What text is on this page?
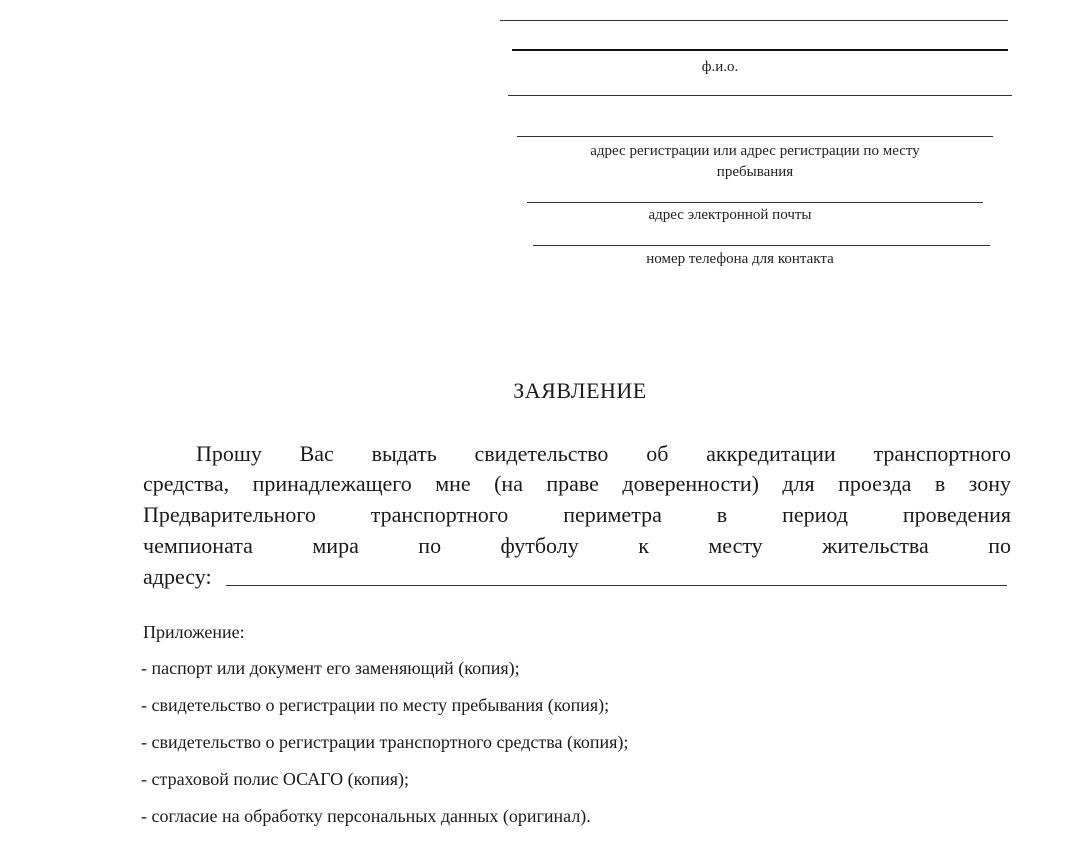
ф.и.о.
адрес регистрации или адрес регистрации по месту
пребывания
адрес электронной почты
номер телефона для контакта
ЗАЯВЛЕНИЕ
Прошу Вас выдать свидетельство об аккредитации транспортного
средства, принадлежащего мне (на праве доверенности) для проезда в зону
Предварительного транспортного периметра в период проведения
чемпионата мира по футболу к месту жительства по
адресу:
Приложение:
- паспорт или документ его заменяющий (копия);
- свидетельство о регистрации по месту пребывания (копия);
- свидетельство о регистрации транспортного средства (копия);
- страховой полис ОСАГО (копия);
- согласие на обработку персональных данных (оригинал).
